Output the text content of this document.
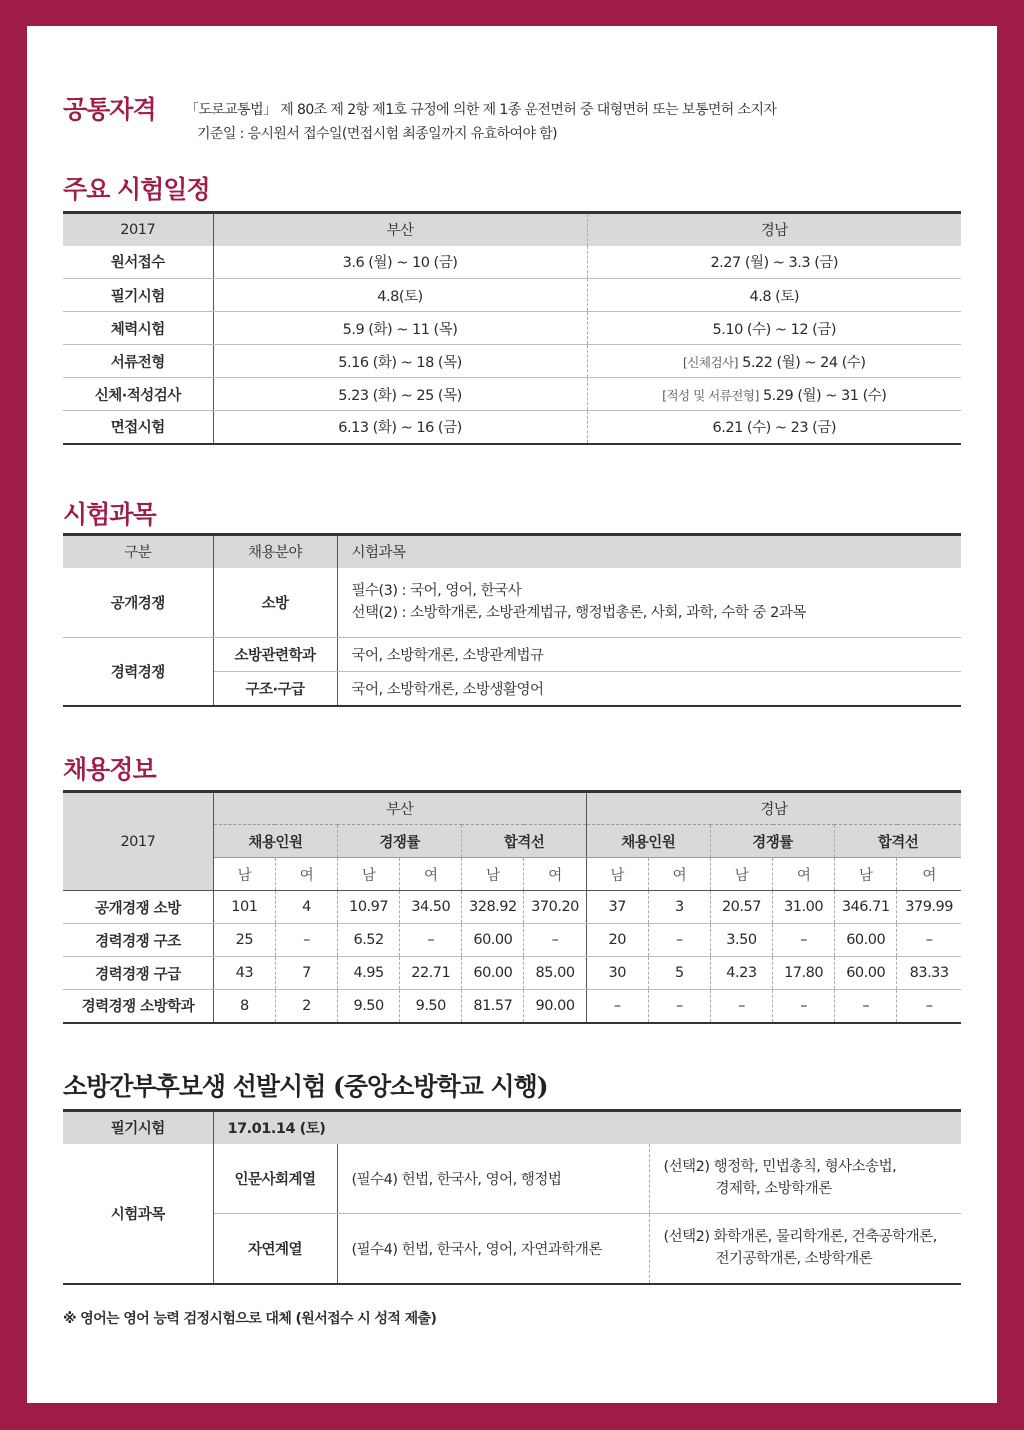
공통자격 「도로교통법」 제 80조 제 2항 제1호 규정에 의한 제 1종 운전면허 중 대형면허 또는 보통면허 소지자
기준일 : 응시원서 접수일(면접시험 최종일까지 유효하여야 함)
주요 시험일정
2017	부산	경남
원서접수	3.6 (월) ~ 10 (금)	2.27 (월) ~ 3.3 (금)
필기시험	4.8(토)	4.8 (토)
체력시험	5.9 (화) ~ 11 (목)	5.10 (수) ~ 12 (금)
서류전형	5.16 (화) ~ 18 (목)	[신체검사] 5.22 (월) ~ 24 (수)
신체·적성검사	5.23 (화) ~ 25 (목)	[적성 및 서류전형] 5.29 (월) ~ 31 (수)
면접시험	6.13 (화) ~ 16 (금)	6.21 (수) ~ 23 (금)
시험과목
구분	채용분야	시험과목
공개경쟁	소방	필수(3) : 국어, 영어, 한국사
선택(2) : 소방학개론, 소방관계법규, 행정법총론, 사회, 과학, 수학 중 2과목

경력경쟁	소방관련학과	국어, 소방학개론, 소방관계법규
	구조·구급	국어, 소방학개론, 소방생활영어
채용정보
2017	부산						경남					
	채용인원		경쟁률		합격선		채용인원		경쟁률		합격선	
	남	여	남	여	남	여	남	여	남	여	남	여
공개경쟁 소방	101	4	10.97	34.50	328.92	370.20	37	3	20.57	31.00	346.71	379.99
경력경쟁 구조	25	–	6.52	–	60.00	–	20	–	3.50	–	60.00	–
경력경쟁 구급	43	7	4.95	22.71	60.00	85.00	30	5	4.23	17.80	60.00	83.33
경력경쟁 소방학과	8	2	9.50	9.50	81.57	90.00	–	–	–	–	–	–
소방간부후보생 선발시험 (중앙소방학교 시행)
필기시험	17.01.14 (토)		
시험과목	인문사회계열	(필수4) 헌법, 한국사, 영어, 행정법	(선택2) 행정학, 민법총칙, 형사소송법,
경제학, 소방학개론

	자연계열	(필수4) 헌법, 한국사, 영어, 자연과학개론	(선택2) 화학개론, 물리학개론, 건축공학개론,
전기공학개론, 소방학개론
※ 영어는 영어 능력 검정시험으로 대체 (원서접수 시 성적 제출)
